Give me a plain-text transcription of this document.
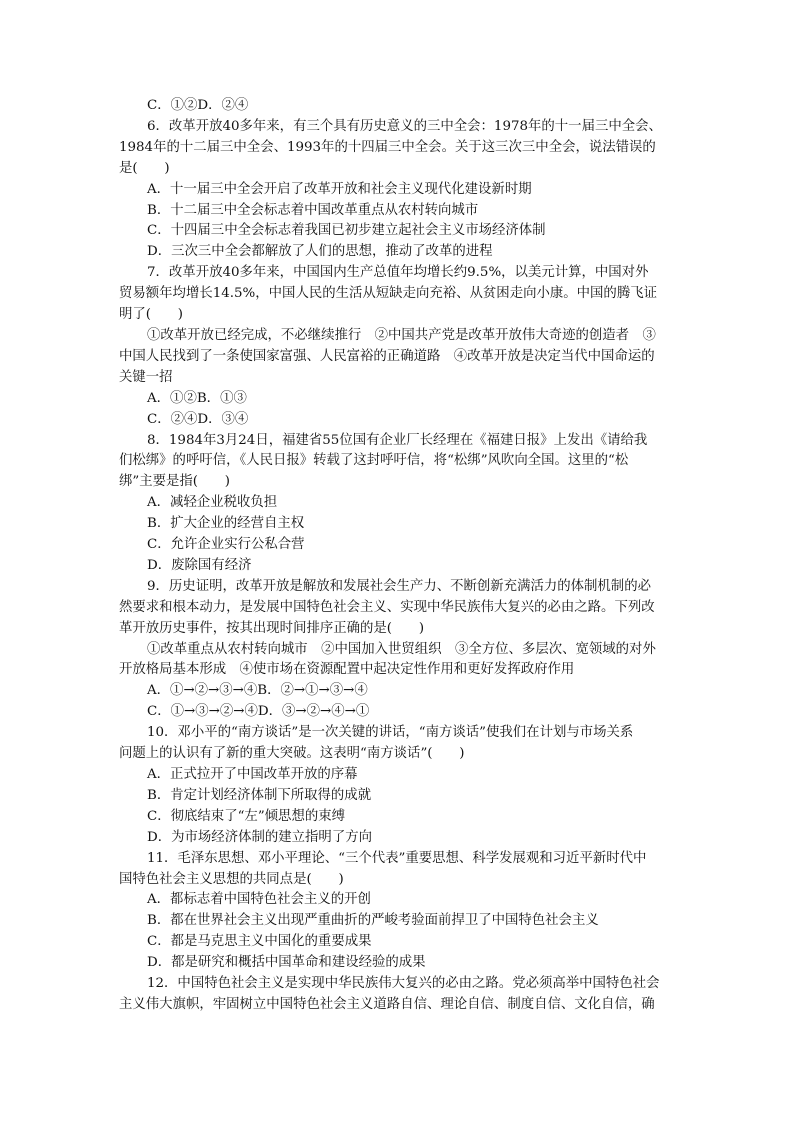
C．①②D．②④
6．改革开放40多年来，有三个具有历史意义的三中全会：1978年的十一届三中全会、
1984年的十二届三中全会、1993年的十四届三中全会。关于这三次三中全会，说法错误的
是(　　)
A．十一届三中全会开启了改革开放和社会主义现代化建设新时期
B．十二届三中全会标志着中国改革重点从农村转向城市
C．十四届三中全会标志着我国已初步建立起社会主义市场经济体制
D．三次三中全会都解放了人们的思想，推动了改革的进程
7．改革开放40多年来，中国国内生产总值年均增长约9.5%，以美元计算，中国对外
贸易额年均增长14.5%，中国人民的生活从短缺走向充裕、从贫困走向小康。中国的腾飞证
明了(　　)
①改革开放已经完成，不必继续推行　②中国共产党是改革开放伟大奇迹的创造者　③
中国人民找到了一条使国家富强、人民富裕的正确道路　④改革开放是决定当代中国命运的
关键一招
A．①②B．①③
C．②④D．③④
8．1984年3月24日，福建省55位国有企业厂长经理在《福建日报》上发出《请给我
们松绑》的呼吁信，《人民日报》转载了这封呼吁信，将“松绑”风吹向全国。这里的“松
绑”主要是指(　　)
A．减轻企业税收负担
B．扩大企业的经营自主权
C．允许企业实行公私合营
D．废除国有经济
9．历史证明，改革开放是解放和发展社会生产力、不断创新充满活力的体制机制的必
然要求和根本动力，是发展中国特色社会主义、实现中华民族伟大复兴的必由之路。下列改
革开放历史事件，按其出现时间排序正确的是(　　)
①改革重点从农村转向城市　②中国加入世贸组织　③全方位、多层次、宽领域的对外
开放格局基本形成　④使市场在资源配置中起决定性作用和更好发挥政府作用
A．①→②→③→④B．②→①→③→④
C．①→③→②→④D．③→②→④→①
10．邓小平的“南方谈话”是一次关键的讲话，“南方谈话”使我们在计划与市场关系
问题上的认识有了新的重大突破。这表明“南方谈话”(　　)
A．正式拉开了中国改革开放的序幕
B．肯定计划经济体制下所取得的成就
C．彻底结束了“左”倾思想的束缚
D．为市场经济体制的建立指明了方向
11．毛泽东思想、邓小平理论、“三个代表”重要思想、科学发展观和习近平新时代中
国特色社会主义思想的共同点是(　　)
A．都标志着中国特色社会主义的开创
B．都在世界社会主义出现严重曲折的严峻考验面前捍卫了中国特色社会主义
C．都是马克思主义中国化的重要成果
D．都是研究和概括中国革命和建设经验的成果
12．中国特色社会主义是实现中华民族伟大复兴的必由之路。党必须高举中国特色社会
主义伟大旗帜，牢固树立中国特色社会主义道路自信、理论自信、制度自信、文化自信，确
